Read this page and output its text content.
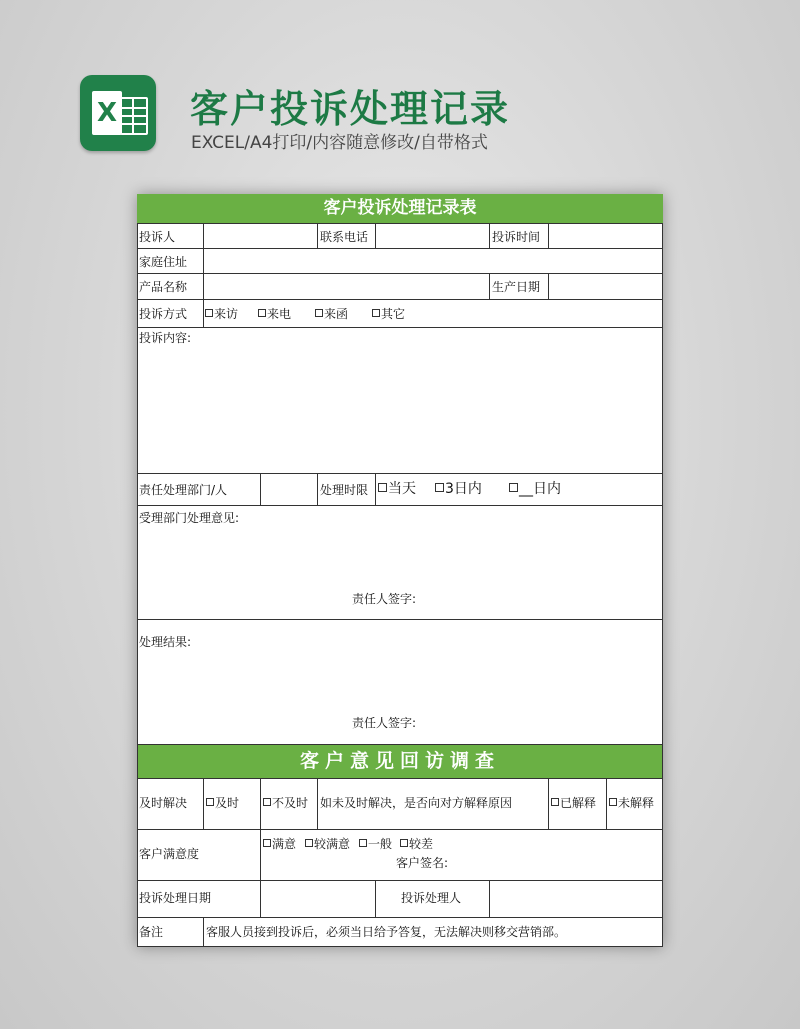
X 客户投诉处理记录
EXCEL/A4打印/内容随意修改/自带格式
客户投诉处理记录表
投诉人	联系电话	投诉时间
家庭住址
产品名称	生产日期
投诉方式	来访	来电	来函	其它
投诉内容:
责任处理部门/人	处理时限	当天	3日内	__日内
受理部门处理意见:
责任人签字:
处理结果:
责任人签字:
客户意见回访调查
及时解决	及时	不及时 如未及时解决，是否向对方解释原因	已解释	未解释
客户满意度
满意	较满意	一般	较差
客户签名:
投诉处理日期	投诉处理人
备注	客服人员接到投诉后，必须当日给予答复，无法解决则移交营销部。
